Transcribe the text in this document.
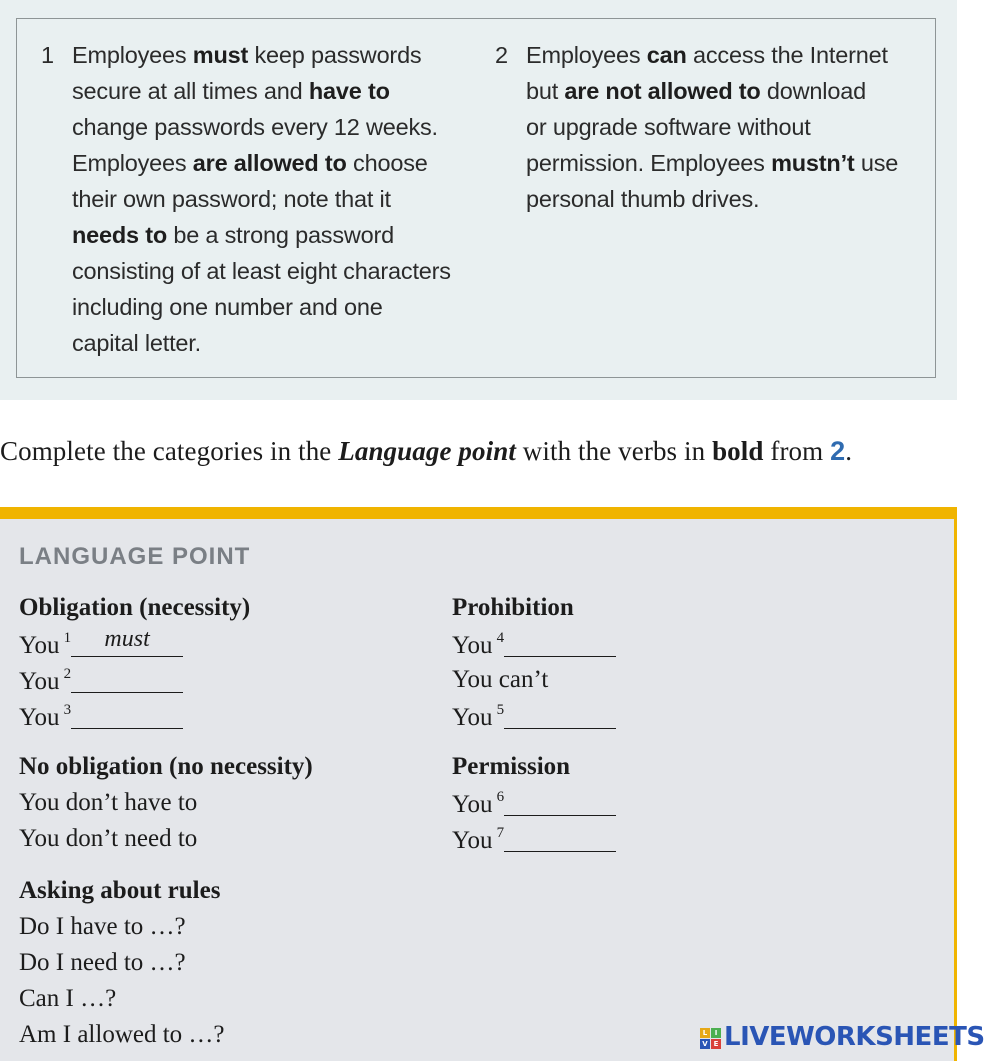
1 Employees must keep passwords
secure at all times and have to
change passwords every 12 weeks.
Employees are allowed to choose
their own password; note that it
needs to be a strong password
consisting of at least eight characters
including one number and one
capital letter.
2 Employees can access the Internet
but are not allowed to download
or upgrade software without
permission. Employees mustn’t use
personal thumb drives.
Complete the categories in the Language point with the verbs in bold from 2.
LANGUAGE POINT
Obligation (necessity)
You $^1$	must
You $^2$
You $^3$
No obligation (no necessity)
You don’t have to
You don’t need to
Asking about rules
Do I have to …?
Do I need to …?
Can I …?
Am I allowed to …?
Prohibition
You $^4$
You can’t
You $^5$
Permission
You $^6$
You $^7$
L	I
V E LIVEWORKSHEETS
